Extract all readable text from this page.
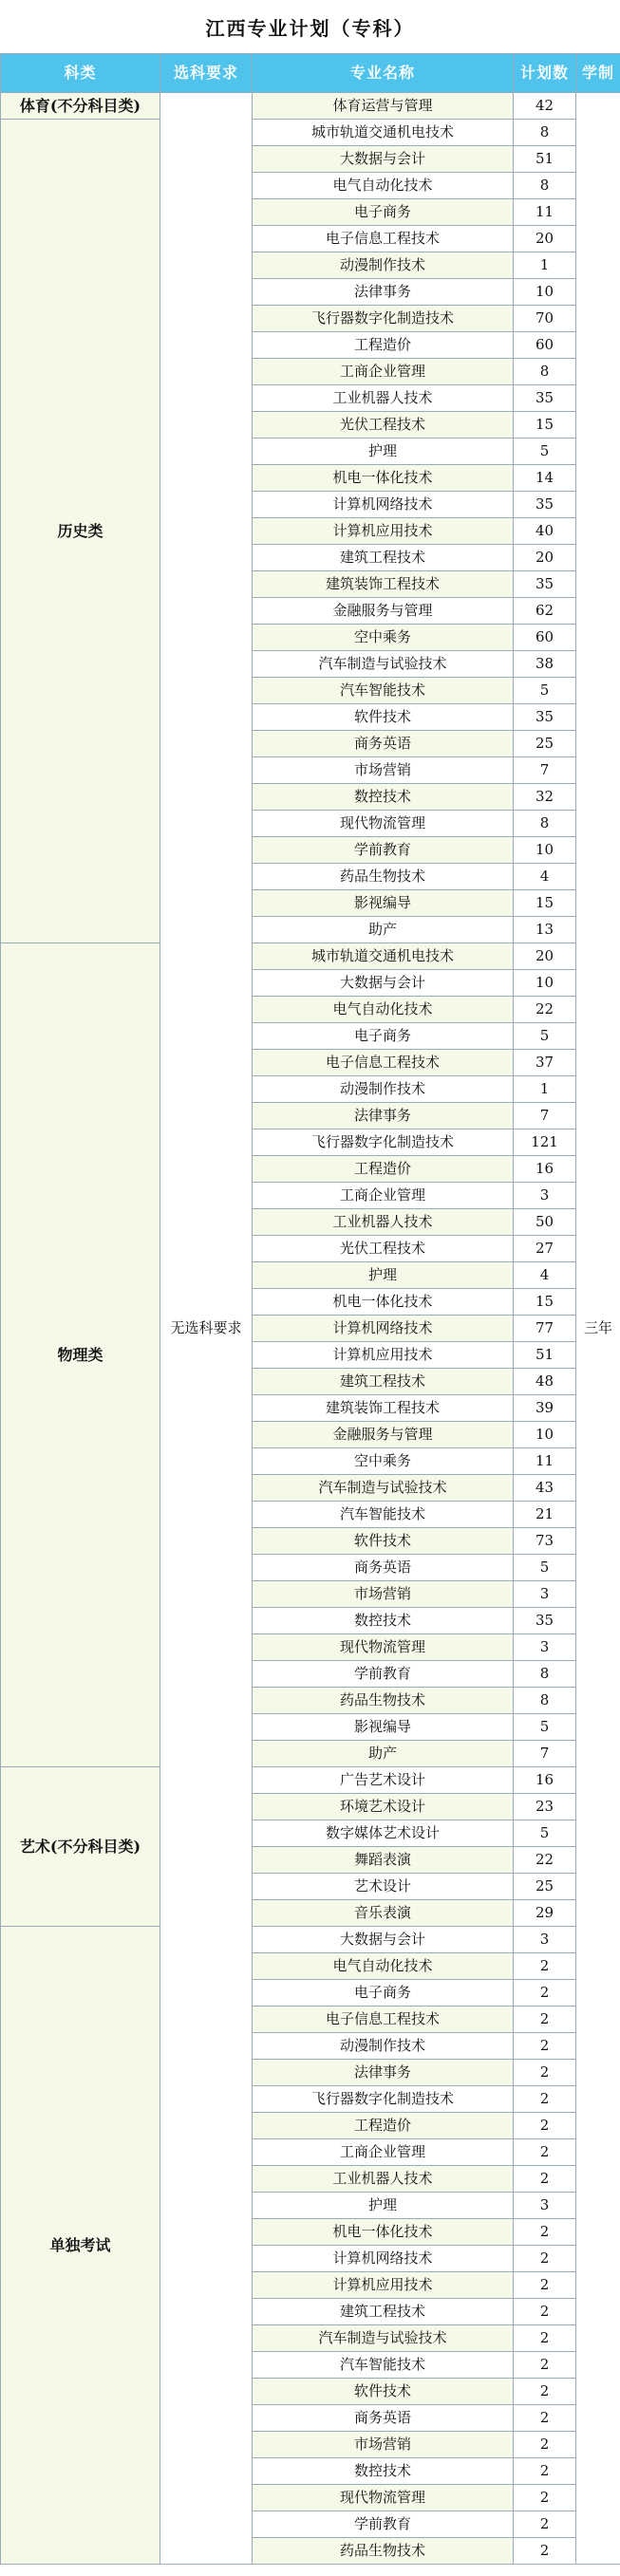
江西专业计划（专科）
科类	选科要求	专业名称	计划数	学制
体育(不分科目类)	无选科要求	体育运营与管理	42	三年
历史类		城市轨道交通机电技术	8	
		大数据与会计	51	
		电气自动化技术	8	
		电子商务	11	
		电子信息工程技术	20	
		动漫制作技术	1	
		法律事务	10	
		飞行器数字化制造技术	70	
		工程造价	60	
		工商企业管理	8	
		工业机器人技术	35	
		光伏工程技术	15	
		护理	5	
		机电一体化技术	14	
		计算机网络技术	35	
		计算机应用技术	40	
		建筑工程技术	20	
		建筑装饰工程技术	35	
		金融服务与管理	62	
		空中乘务	60	
		汽车制造与试验技术	38	
		汽车智能技术	5	
		软件技术	35	
		商务英语	25	
		市场营销	7	
		数控技术	32	
		现代物流管理	8	
		学前教育	10	
		药品生物技术	4	
		影视编导	15	
		助产	13	
物理类		城市轨道交通机电技术	20	
		大数据与会计	10	
		电气自动化技术	22	
		电子商务	5	
		电子信息工程技术	37	
		动漫制作技术	1	
		法律事务	7	
		飞行器数字化制造技术	121	
		工程造价	16	
		工商企业管理	3	
		工业机器人技术	50	
		光伏工程技术	27	
		护理	4	
		机电一体化技术	15	
		计算机网络技术	77	
		计算机应用技术	51	
		建筑工程技术	48	
		建筑装饰工程技术	39	
		金融服务与管理	10	
		空中乘务	11	
		汽车制造与试验技术	43	
		汽车智能技术	21	
		软件技术	73	
		商务英语	5	
		市场营销	3	
		数控技术	35	
		现代物流管理	3	
		学前教育	8	
		药品生物技术	8	
		影视编导	5	
		助产	7	
艺术(不分科目类)		广告艺术设计	16	
		环境艺术设计	23	
		数字媒体艺术设计	5	
		舞蹈表演	22	
		艺术设计	25	
		音乐表演	29	
单独考试		大数据与会计	3	
		电气自动化技术	2	
		电子商务	2	
		电子信息工程技术	2	
		动漫制作技术	2	
		法律事务	2	
		飞行器数字化制造技术	2	
		工程造价	2	
		工商企业管理	2	
		工业机器人技术	2	
		护理	3	
		机电一体化技术	2	
		计算机网络技术	2	
		计算机应用技术	2	
		建筑工程技术	2	
		汽车制造与试验技术	2	
		汽车智能技术	2	
		软件技术	2	
		商务英语	2	
		市场营销	2	
		数控技术	2	
		现代物流管理	2	
		学前教育	2	
		药品生物技术	2	
